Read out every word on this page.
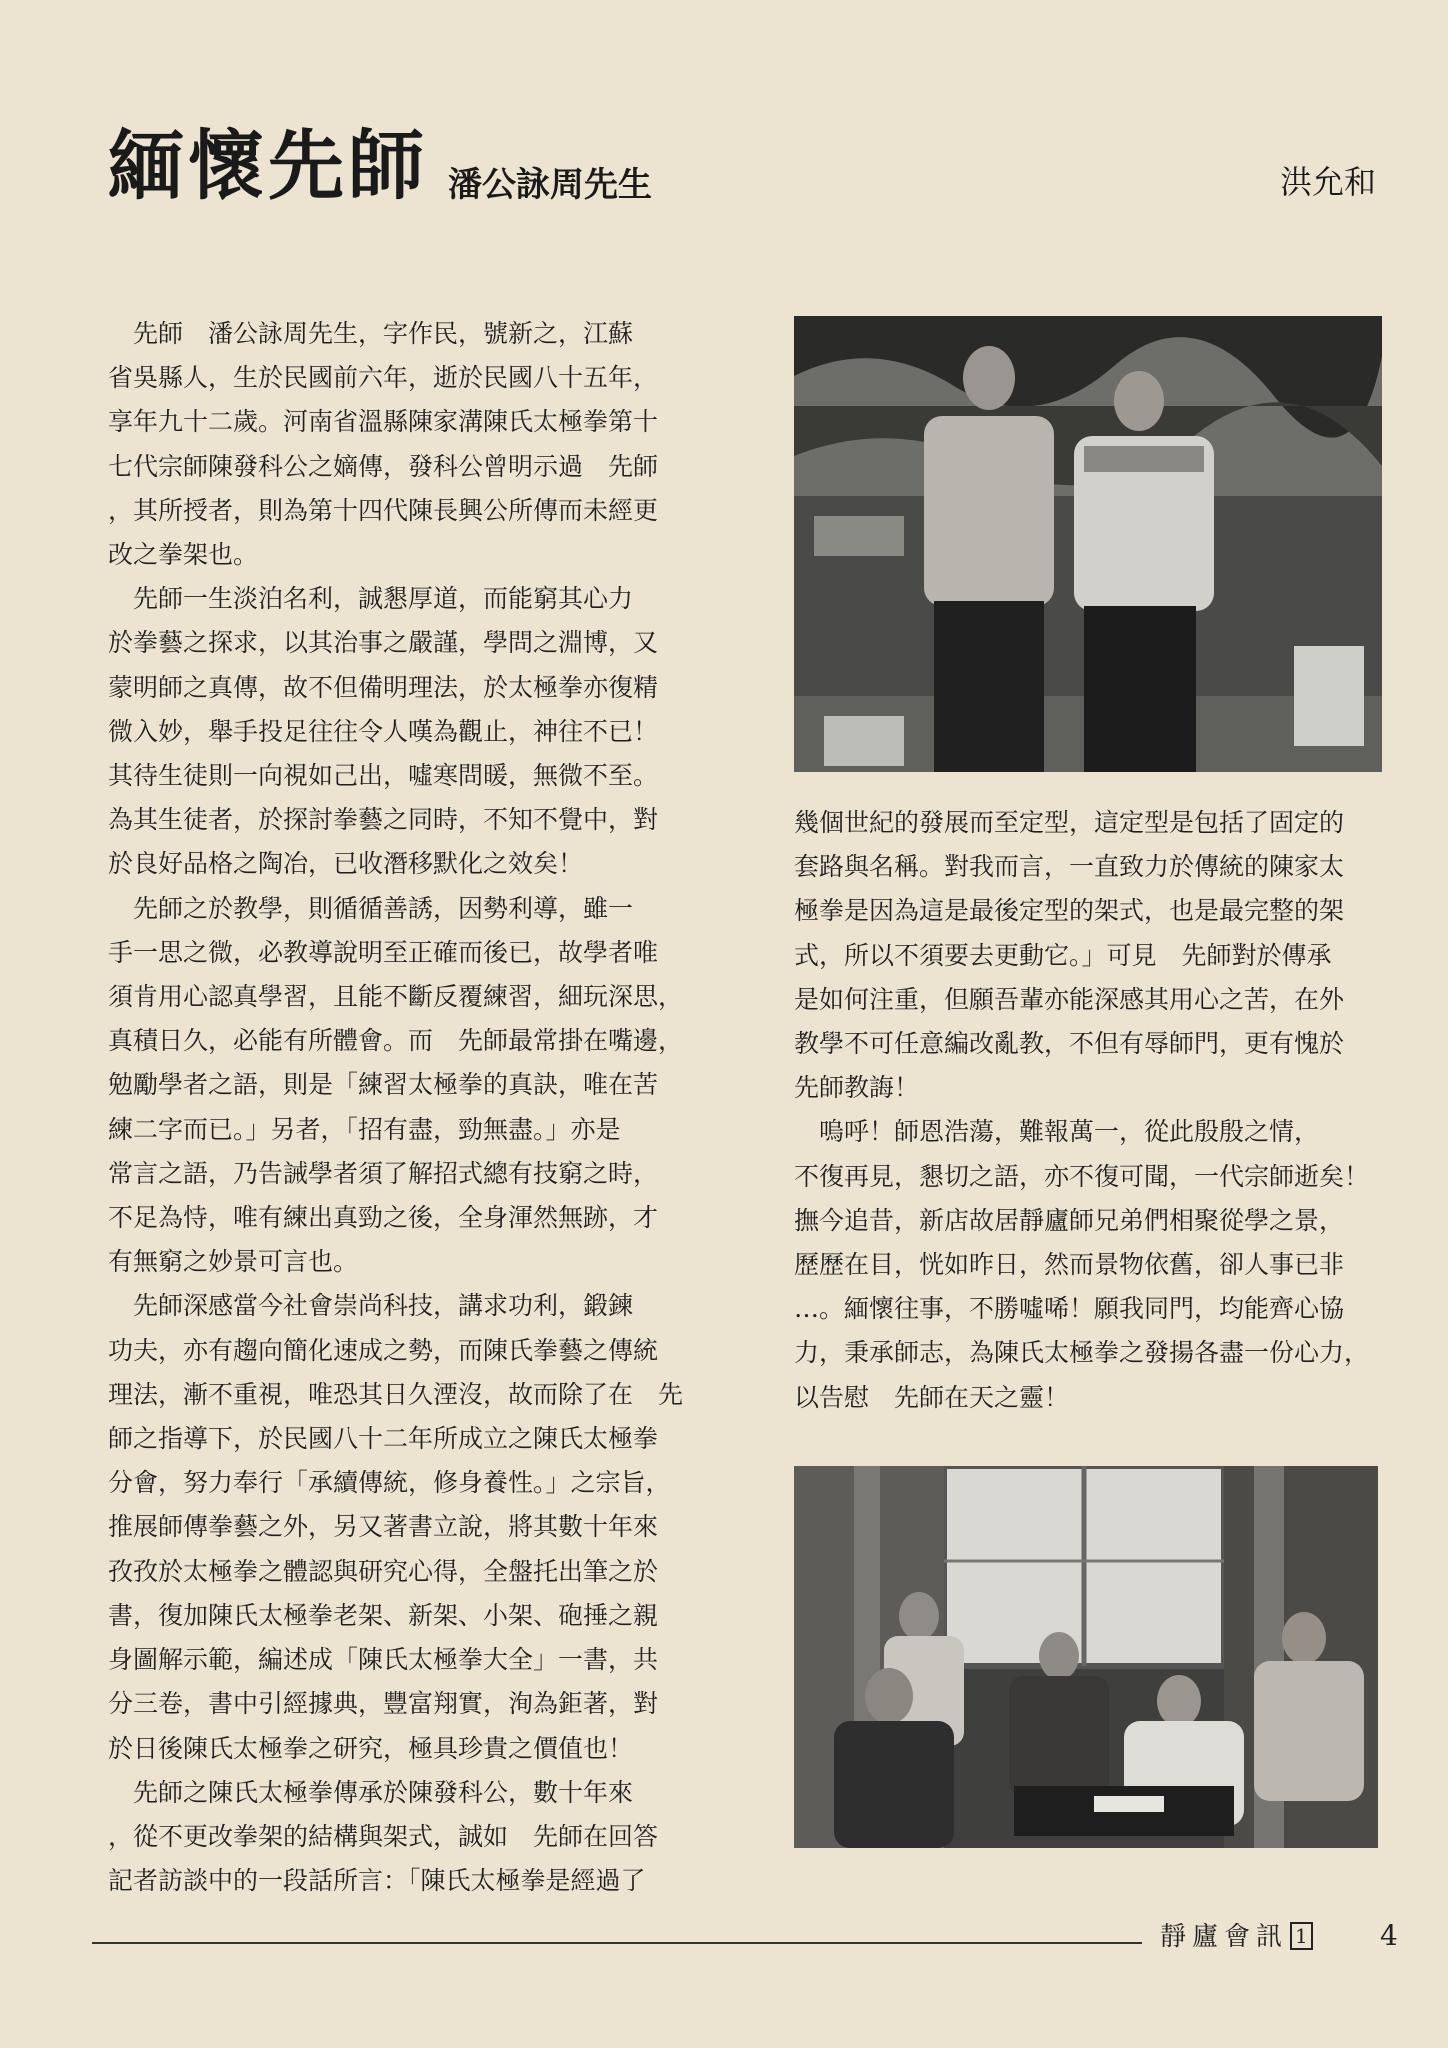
緬懷先師 潘公詠周先生	洪允和
　先師　潘公詠周先生，字作民，號新之，江蘇
省吳縣人，生於民國前六年，逝於民國八十五年，
享年九十二歲。河南省溫縣陳家溝陳氏太極拳第十
七代宗師陳發科公之嫡傳，發科公曾明示過　先師
，其所授者，則為第十四代陳長興公所傳而未經更
改之拳架也。
　先師一生淡泊名利，誠懇厚道，而能窮其心力
於拳藝之探求，以其治事之嚴謹，學問之淵博，又
蒙明師之真傳，故不但備明理法，於太極拳亦復精
微入妙，舉手投足往往令人嘆為觀止，神往不已！
其待生徒則一向視如己出，噓寒問暖，無微不至。
為其生徒者，於探討拳藝之同時，不知不覺中，對
於良好品格之陶冶，已收潛移默化之效矣！
　先師之於教學，則循循善誘，因勢利導，雖一
手一思之微，必教導說明至正確而後已，故學者唯
須肯用心認真學習，且能不斷反覆練習，細玩深思，
真積日久，必能有所體會。而　先師最常掛在嘴邊，
勉勵學者之語，則是「練習太極拳的真訣，唯在苦
練二字而已。」另者，「招有盡，勁無盡。」亦是
常言之語，乃告誡學者須了解招式總有技窮之時，
不足為恃，唯有練出真勁之後，全身渾然無跡，才
有無窮之妙景可言也。
　先師深感當今社會崇尚科技，講求功利，鍛鍊
功夫，亦有趨向簡化速成之勢，而陳氏拳藝之傳統
理法，漸不重視，唯恐其日久湮沒，故而除了在　先
師之指導下，於民國八十二年所成立之陳氏太極拳
分會，努力奉行「承續傳統，修身養性。」之宗旨，
推展師傳拳藝之外，另又著書立說，將其數十年來
孜孜於太極拳之體認與研究心得，全盤托出筆之於
書，復加陳氏太極拳老架、新架、小架、砲捶之親
身圖解示範，編述成「陳氏太極拳大全」一書，共
分三卷，書中引經據典，豐富翔實，洵為鉅著，對
於日後陳氏太極拳之研究，極具珍貴之價值也！
　先師之陳氏太極拳傳承於陳發科公，數十年來
，從不更改拳架的結構與架式，誠如　先師在回答
記者訪談中的一段話所言：「陳氏太極拳是經過了
幾個世紀的發展而至定型，這定型是包括了固定的
套路與名稱。對我而言，一直致力於傳統的陳家太
極拳是因為這是最後定型的架式，也是最完整的架
式，所以不須要去更動它。」可見　先師對於傳承
是如何注重，但願吾輩亦能深感其用心之苦，在外
教學不可任意編改亂教，不但有辱師門，更有愧於
先師教誨！
　嗚呼！師恩浩蕩，難報萬一，從此殷殷之情，
不復再見，懇切之語，亦不復可聞，一代宗師逝矣！
撫今追昔，新店故居靜廬師兄弟們相聚從學之景，
歷歷在目，恍如昨日，然而景物依舊，卻人事已非
…。緬懷往事，不勝噓唏！願我同門，均能齊心協
力，秉承師志，為陳氏太極拳之發揚各盡一份心力，
以告慰　先師在天之靈！
靜廬會訊 1	4
